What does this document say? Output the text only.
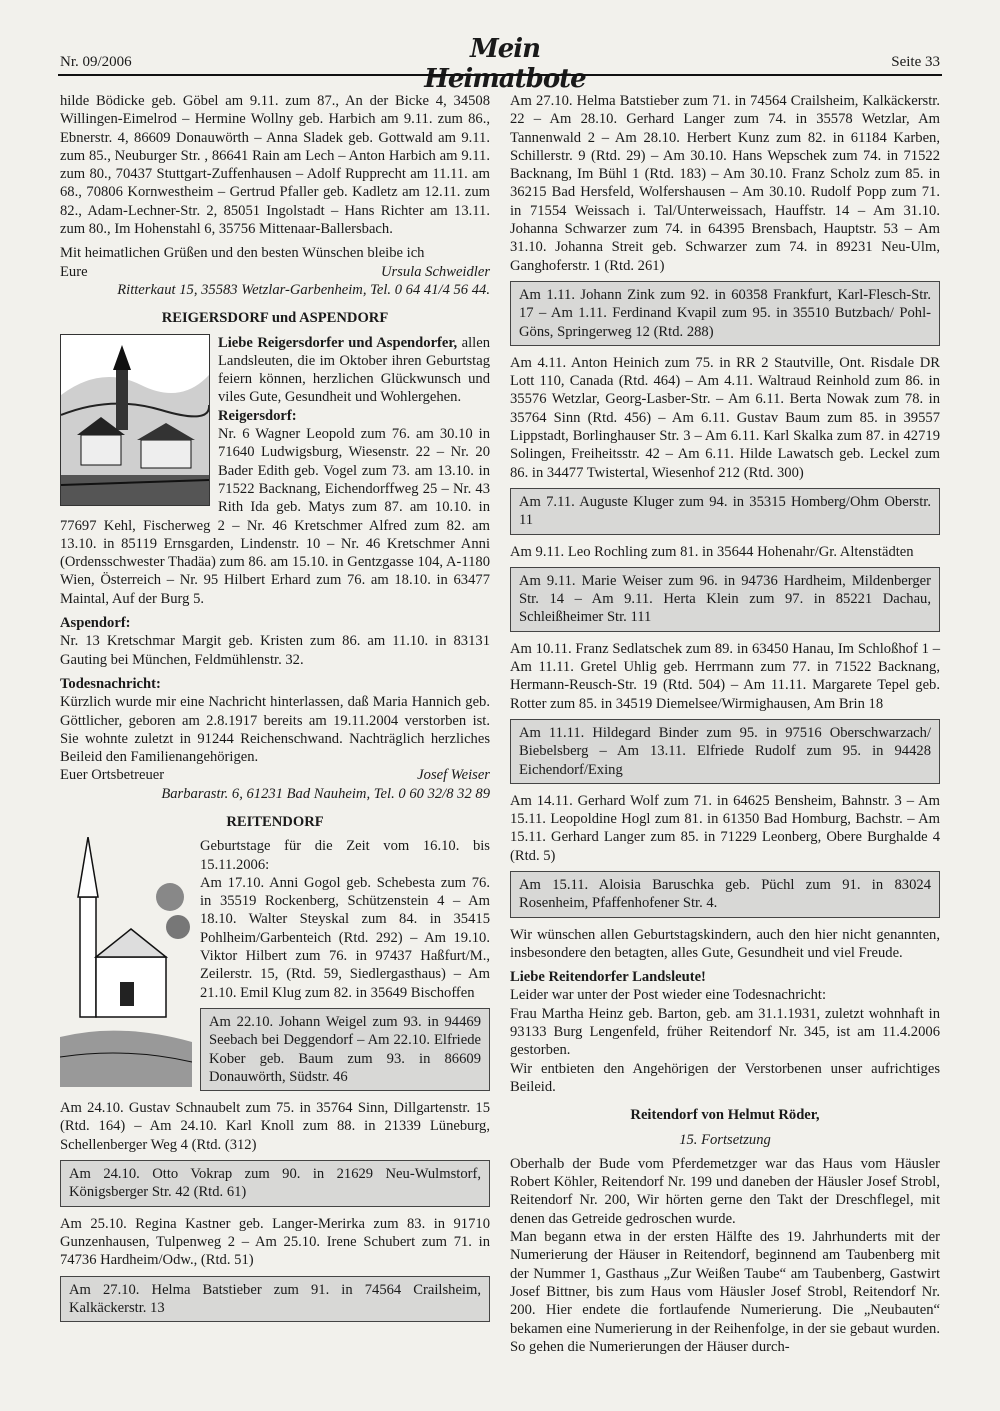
Nr. 09/2006	Mein Heimatbote
Seite 33

hilde Bödicke geb. Göbel am 9.11. zum 87., An der Bicke 4, 34508 Willingen-Eimelrod – Hermine Wollny geb. Harbich am 9.11. zum 86., Ebnerstr. 4, 86609 Donauwörth – Anna Sladek geb. Gottwald am 9.11. zum 85., Neuburger Str. , 86641 Rain am Lech – Anton Harbich am 9.11. zum 80., 70437 Stuttgart-Zuffenhausen – Adolf Rupprecht am 11.11. am 68., 70806 Kornwestheim – Gertrud Pfaller geb. Kadletz am 12.11. zum 82., Adam-Lechner-Str. 2, 85051 Ingolstadt – Hans Richter am 13.11. zum 80., Im Hohenstahl 6, 35756 Mittenaar-Ballersbach.

Mit heimatlichen Grüßen und den besten Wünschen bleibe ich

Eure	Ursula Schweidler

Ritterkaut 15, 35583 Wetzlar-Garbenheim, Tel. 0 64 41/4 56 44.

REIGERSDORF und ASPENDORF

Liebe Reigersdorfer und Aspendorfer, allen Landsleuten, die im Oktober ihren Geburtstag feiern können, herzlichen Glückwunsch und viles Gute, Gesundheit und Wohlergehen.

Reigersdorf:

Nr. 6 Wagner Leopold zum 76. am 30.10 in 71640 Ludwigsburg, Wiesenstr. 22 – Nr. 20 Bader Edith geb. Vogel zum 73. am 13.10. in 71522 Backnang, Eichendorffweg 25 – Nr. 43 Rith Ida geb. Matys zum 87. am 10.10. in 77697 Kehl, Fischerweg 2 – Nr. 46 Kretschmer Alfred zum 82. am 13.10. in 85119 Ernsgarden, Lindenstr. 10 – Nr. 46 Kretschmer Anni (Ordensschwester Thadäa) zum 86. am 15.10. in Gentzgasse 104, A-1180 Wien, Österreich – Nr. 95 Hilbert Erhard zum 76. am 18.10. in 63477 Maintal, Auf der Burg 5.

Aspendorf:

Nr. 13 Kretschmar Margit geb. Kristen zum 86. am 11.10. in 83131 Gauting bei München, Feldmühlenstr. 32.

Todesnachricht:

Kürzlich wurde mir eine Nachricht hinterlassen, daß Maria Hannich geb. Göttlicher, geboren am 2.8.1917 bereits am 19.11.2004 verstorben ist. Sie wohnte zuletzt in 91244 Reichenschwand. Nachträglich herzliches Beileid den Familienangehörigen.

Euer Ortsbetreuer	Josef Weiser

Barbarastr. 6, 61231 Bad Nauheim, Tel. 0 60 32/8 32 89

REITENDORF

Geburtstage für die Zeit vom 16.10. bis 15.11.2006:

Am 17.10. Anni Gogol geb. Schebesta zum 76. in 35519 Rockenberg, Schützenstein 4 – Am 18.10. Walter Steyskal zum 84. in 35415 Pohlheim/Garbenteich (Rtd. 292) – Am 19.10. Viktor Hilbert zum 76. in 97437 Haßfurt/M., Zeilerstr. 15, (Rtd. 59, Siedlergasthaus) – Am 21.10. Emil Klug zum 82. in 35649 Bischoffen

Am 22.10. Johann Weigel zum 93. in 94469 Seebach bei Deggendorf – Am 22.10. Elfriede Kober geb. Baum zum 93. in 86609 Donauwörth, Südstr. 46

Am 24.10. Gustav Schnaubelt zum 75. in 35764 Sinn, Dillgartenstr. 15 (Rtd. 164) – Am 24.10. Karl Knoll zum 88. in 21339 Lüneburg, Schellenberger Weg 4 (Rtd. (312)

Am 24.10. Otto Vokrap zum 90. in 21629 Neu-Wulmstorf, Königsberger Str. 42 (Rtd. 61)

Am 25.10. Regina Kastner geb. Langer-Merirka zum 83. in 91710 Gunzenhausen, Tulpenweg 2 – Am 25.10. Irene Schubert zum 71. in 74736 Hardheim/Odw., (Rtd. 51)

Am 27.10. Helma Batstieber zum 91. in 74564 Crailsheim, Kalkäckerstr. 13

Am 27.10. Helma Batstieber zum 71. in 74564 Crailsheim, Kalkäckerstr. 22 – Am 28.10. Gerhard Langer zum 74. in 35578 Wetzlar, Am Tannenwald 2 – Am 28.10. Herbert Kunz zum 82. in 61184 Karben, Schillerstr. 9 (Rtd. 29) – Am 30.10. Hans Wepschek zum 74. in 71522 Backnang, Im Bühl 1 (Rtd. 183) – Am 30.10. Franz Scholz zum 85. in 36215 Bad Hersfeld, Wolfershausen – Am 30.10. Rudolf Popp zum 71. in 71554 Weissach i. Tal/Unterweissach, Hauffstr. 14 – Am 31.10. Johanna Schwarzer zum 74. in 64395 Brensbach, Hauptstr. 53 – Am 31.10. Johanna Streit geb. Schwarzer zum 74. in 89231 Neu-Ulm, Ganghoferstr. 1 (Rtd. 261)

Am 1.11. Johann Zink zum 92. in 60358 Frankfurt, Karl-Flesch-Str. 17 – Am 1.11. Ferdinand Kvapil zum 95. in 35510 Butzbach/ Pohl-Göns, Springerweg 12 (Rtd. 288)

Am 4.11. Anton Heinich zum 75. in RR 2 Stautville, Ont. Risdale DR Lott 110, Canada (Rtd. 464) – Am 4.11. Waltraud Reinhold zum 86. in 35576 Wetzlar, Georg-Lasber-Str. – Am 6.11. Berta Nowak zum 78. in 35764 Sinn (Rtd. 456) – Am 6.11. Gustav Baum zum 85. in 39557 Lippstadt, Borlinghauser Str. 3 – Am 6.11. Karl Skalka zum 87. in 42719 Solingen, Freiheitsstr. 42 – Am 6.11. Hilde Lawatsch geb. Leckel zum 86. in 34477 Twistertal, Wiesenhof 212 (Rtd. 300)

Am 7.11. Auguste Kluger zum 94. in 35315 Homberg/Ohm Oberstr. 11

Am 9.11. Leo Rochling zum 81. in 35644 Hohenahr/Gr. Altenstädten

Am 9.11. Marie Weiser zum 96. in 94736 Hardheim, Mildenberger Str. 14 – Am 9.11. Herta Klein zum 97. in 85221 Dachau, Schleißheimer Str. 111

Am 10.11. Franz Sedlatschek zum 89. in 63450 Hanau, Im Schloßhof 1 – Am 11.11. Gretel Uhlig geb. Herrmann zum 77. in 71522 Backnang, Hermann-Reusch-Str. 19 (Rtd. 504) – Am 11.11. Margarete Tepel geb. Rotter zum 85. in 34519 Diemelsee/Wirmighausen, Am Brin 18

Am 11.11. Hildegard Binder zum 95. in 97516 Oberschwarzach/ Biebelsberg – Am 13.11. Elfriede Rudolf zum 95. in 94428 Eichendorf/Exing

Am 14.11. Gerhard Wolf zum 71. in 64625 Bensheim, Bahnstr. 3 – Am 15.11. Leopoldine Hogl zum 81. in 61350 Bad Homburg, Bachstr. – Am 15.11. Gerhard Langer zum 85. in 71229 Leonberg, Obere Burghalde 4 (Rtd. 5)

Am 15.11. Aloisia Baruschka geb. Püchl zum 91. in 83024 Rosenheim, Pfaffenhofener Str. 4.

Wir wünschen allen Geburtstagskindern, auch den hier nicht genannten, insbesondere den betagten, alles Gute, Gesundheit und viel Freude.

Liebe Reitendorfer Landsleute!

Leider war unter der Post wieder eine Todesnachricht:

Frau Martha Heinz geb. Barton, geb. am 31.1.1931, zuletzt wohnhaft in 93133 Burg Lengenfeld, früher Reitendorf Nr. 345, ist am 11.4.2006 gestorben.

Wir entbieten den Angehörigen der Verstorbenen unser aufrichtiges Beileid.

Reitendorf von Helmut Röder,

15. Fortsetzung

Oberhalb der Bude vom Pferdemetzger war das Haus vom Häusler Robert Köhler, Reitendorf Nr. 199 und daneben der Häusler Josef Strobl, Reitendorf Nr. 200, Wir hörten gerne den Takt der Dreschflegel, mit denen das Getreide gedroschen wurde.

Man begann etwa in der ersten Hälfte des 19. Jahrhunderts mit der Numerierung der Häuser in Reitendorf, beginnend am Taubenberg mit der Nummer 1, Gasthaus „Zur Weißen Taube“ am Taubenberg, Gastwirt Josef Bittner, bis zum Haus vom Häusler Josef Strobl, Reitendorf Nr. 200. Hier endete die fortlaufende Numerierung. Die „Neubauten“ bekamen eine Numerierung in der Reihenfolge, in der sie gebaut wurden. So gehen die Numerierungen der Häuser durch-
